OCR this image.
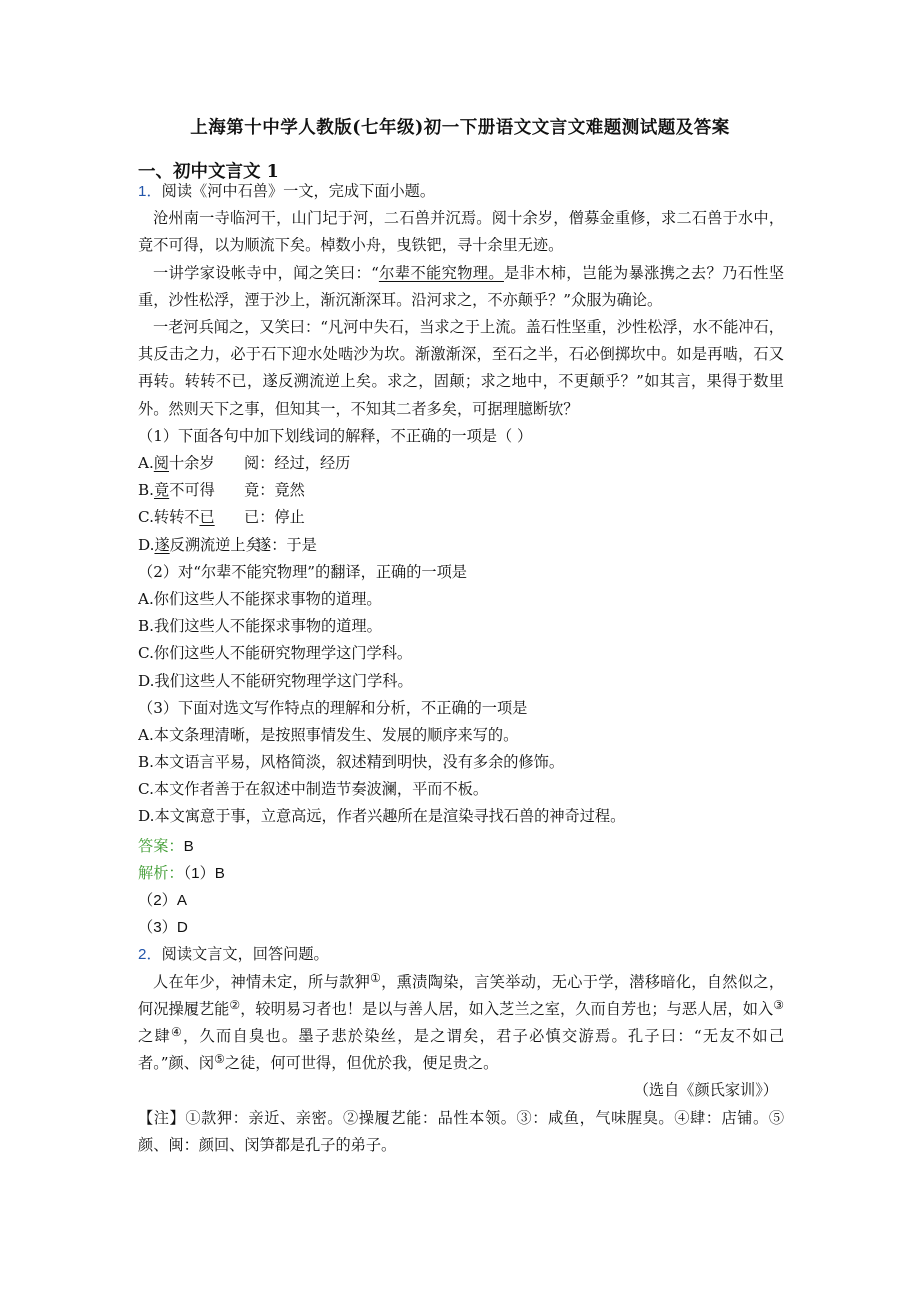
上海第十中学人教版(七年级)初一下册语文文言文难题测试题及答案
一、初中文言文 1
1．阅读《河中石兽》一文，完成下面小题。
沧州南一寺临河干，山门圮于河，二石兽并沉焉。阅十余岁，僧募金重修，求二石兽于水中，竟不可得，以为顺流下矣。棹数小舟，曳铁钯，寻十余里无迹。
一讲学家设帐寺中，闻之笑曰：“尔辈不能究物理。是非木柿，岂能为暴涨携之去？乃石性坚重，沙性松浮，湮于沙上，渐沉渐深耳。沿河求之，不亦颠乎？”众服为确论。
一老河兵闻之，又笑曰：“凡河中失石，当求之于上流。盖石性坚重，沙性松浮，水不能冲石，其反击之力，必于石下迎水处啮沙为坎。渐激渐深，至石之半，石必倒掷坎中。如是再啮，石又再转。转转不已，遂反溯流逆上矣。求之，固颠；求之地中，不更颠乎？”如其言，果得于数里外。然则天下之事，但知其一，不知其二者多矣，可据理臆断欤？
（1）下面各句中加下划线词的解释，不正确的一项是（ ）
A.阅十余岁 阅：经过，经历
B.竟不可得 竟：竟然
C.转转不已 已：停止
D.遂反溯流逆上矣遂：于是
（2）对“尔辈不能究物理”的翻译，正确的一项是
A.你们这些人不能探求事物的道理。
B.我们这些人不能探求事物的道理。
C.你们这些人不能研究物理学这门学科。
D.我们这些人不能研究物理学这门学科。
（3）下面对选文写作特点的理解和分析，不正确的一项是
A.本文条理清晰，是按照事情发生、发展的顺序来写的。
B.本文语言平易，风格简淡，叙述精到明快，没有多余的修饰。
C.本文作者善于在叙述中制造节奏波澜，平而不板。
D.本文寓意于事，立意高远，作者兴趣所在是渲染寻找石兽的神奇过程。
答案：B
解析：（1）B
（2）A
（3）D
2．阅读文言文，回答问题。
人在年少，神情未定，所与款狎①，熏渍陶染，言笑举动，无心于学，潜移暗化，自然似之，何况操履艺能②，较明易习者也！是以与善人居，如入芝兰之室，久而自芳也；与恶人居，如入③之肆④，久而自臭也。墨子悲於染丝，是之谓矣，君子必慎交游焉。孔子曰：“无友不如己者。”颜、闵⑤之徒，何可世得，但优於我，便足贵之。
（选自《颜氏家训》）
【注】①款狎：亲近、亲密。②操履艺能：品性本领。③：咸鱼，气味腥臭。④肆：店铺。⑤颜、闽：颜回、闵笋都是孔子的弟子。
